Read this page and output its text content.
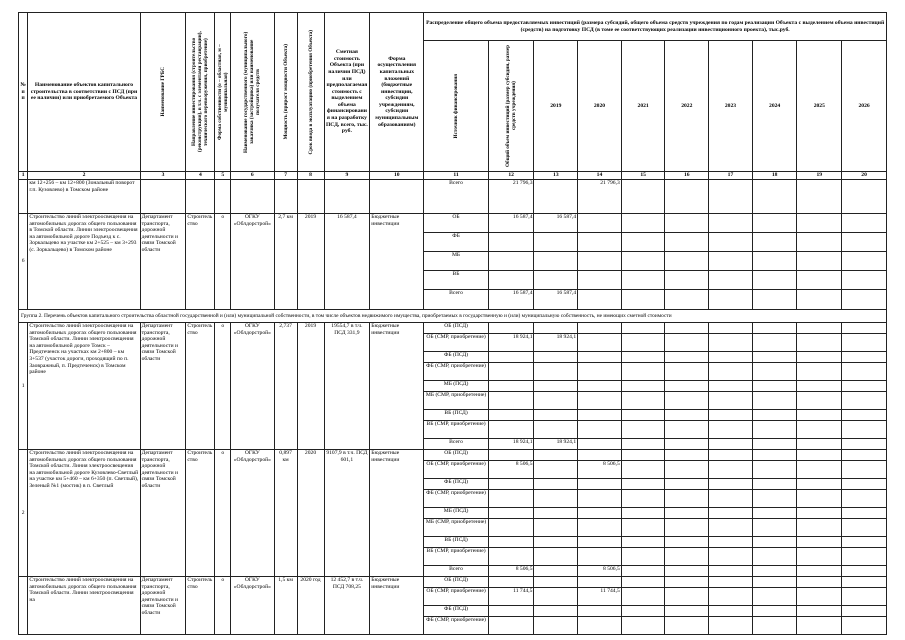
№ пп	Наименование объектов капитального строительства в соответствии с ПСД (при ее наличии) или приобретаемого Объекта	Наименование ГРБС	Направление инвестирования (строительство (реконструкция), в т.ч. с элементами реставрации), технического перевооружения, приобретение)	Форма собственности (о – областная, м – муниципальная)	Наименование государственного (муниципального) заказчика (застройщика) или наименование получателя средств	Мощность (прирост мощности Объекта)	Срок ввода в эксплуатацию (приобретения Объекта)	Сметная стоимость Объекта (при наличии ПСД) или предполагаемая стоимость с выделением объема финансирования на разработку ПСД, всего, тыс. руб.	Форма осуществления капитальных вложений (бюджетные инвестиции, субсидии учреждениям, субсидии муниципальным образованиям)	Распределение общего объема предоставляемых инвестиций (размера субсидий, общего объема средств учреждения по годам реализации Объекта с выделением объема инвестиций (средств) на подготовку ПСД (в томе ее соответствующих реализации инвестиционного проекта), тыс.руб.									

										Источник финансирования	Общий объем инвестиций (размер субсидии, размер средств учреждения)	2019	2020	2021	2022	2023	2024	2025	2026
1	2	3	4	5	6	7	8	9	10	11	12	13	14	15	16	17	18	19	20
	км 12+256 – км 12+800 (Зональный поворот г.п. Кузовлево) в Томском районе									Всего	21 796,3		21 796,3						
6	Строительство линий электроосвещения на автомобильных дорогах общего пользования в Томской области. Линии электроосвещения на автомобильной дороге Подъезд к с. Зоркальцево на участке км 2+525 – км 3+293 (с. Зоркальцево) в Томском районе	Департамент транспорта, дорожной деятельности и связи Томской области	Строительство	о	ОГКУ «Облдорстрой»	2,7 км	2019	16 587,4	Бюджетные инвестиции	ОБ	16 587,4	16 587,4							
										ФБ									
										МБ									
										ВБ									
										Всего	16 587,4	16 587,4							
Группа 2. Перечень объектов капитального строительства областной государственной и (или) муниципальной собственности, в том числе объектов недвижимого имущества, приобретаемых в государственную и (или) муниципальную собственность, не имеющих сметной стоимости																			
1	Строительство линий электроосвещения на автомобильных дорогах общего пользования Томской области. Линии электроосвещения на автомобильной дороге Томск – Предтеченск на участках км 2+800 – км 3+537 (участок дороги, проходящий по п. Заовражный, п. Предтеченск) в Томском районе	Департамент транспорта, дорожной деятельности и связи Томской области	Строительство	о	ОГКУ «Облдорстрой»	2,737	2019	19554,7 в т.ч. ПСД 331,9	Бюджетные инвестиции	ОБ (ПСД)									
										ОБ (СМР, приобретение)	18 924,1	18 924,1							
										ФБ (ПСД)									
										ФБ (СМР, приобретение)									
										МБ (ПСД)									
										МБ (СМР, приобретение)									
										ВБ (ПСД)									
										ВБ (СМР, приобретение)									
										Всего	18 924,1	18 924,1							
2	Строительство линий электроосвещения на автомобильных дорогах общего пользования Томской области. Линия электроосвещения на автомобильной дороге Кузовлево-Светлый на участке км 5+460 – км 6+350 (п. Светлый), Зеленый №1 (мостик) в п. Светлый	Департамент транспорта, дорожной деятельности и связи Томской области	Строительство	о	ОГКУ «Облдорстрой»	0,897 км	2020	9107,9 в т.ч. ПСД 601,1	Бюджетные инвестиции	ОБ (ПСД)									
										ОБ (СМР, приобретение)	8 506,5		8 506,5						
										ФБ (ПСД)									
										ФБ (СМР, приобретение)									
										МБ (ПСД)									
										МБ (СМР, приобретение)									
										ВБ (ПСД)									
										ВБ (СМР, приобретение)									
										Всего	8 506,5		8 506,5						
	Строительство линий электроосвещения на автомобильных дорогах общего пользования Томской области. Линии электроосвещения на	Департамент транспорта, дорожной деятельности и связи Томской области	Строительство	о	ОГКУ «Облдорстрой»	1,5 км	2020 год	12 452,7 в т.ч. ПСД 708,25	Бюджетные инвестиции	ОБ (ПСД)									
										ОБ (СМР, приобретение)	11 744,5		11 744,5						
										ФБ (ПСД)									
										ФБ (СМР, приобретение)									
